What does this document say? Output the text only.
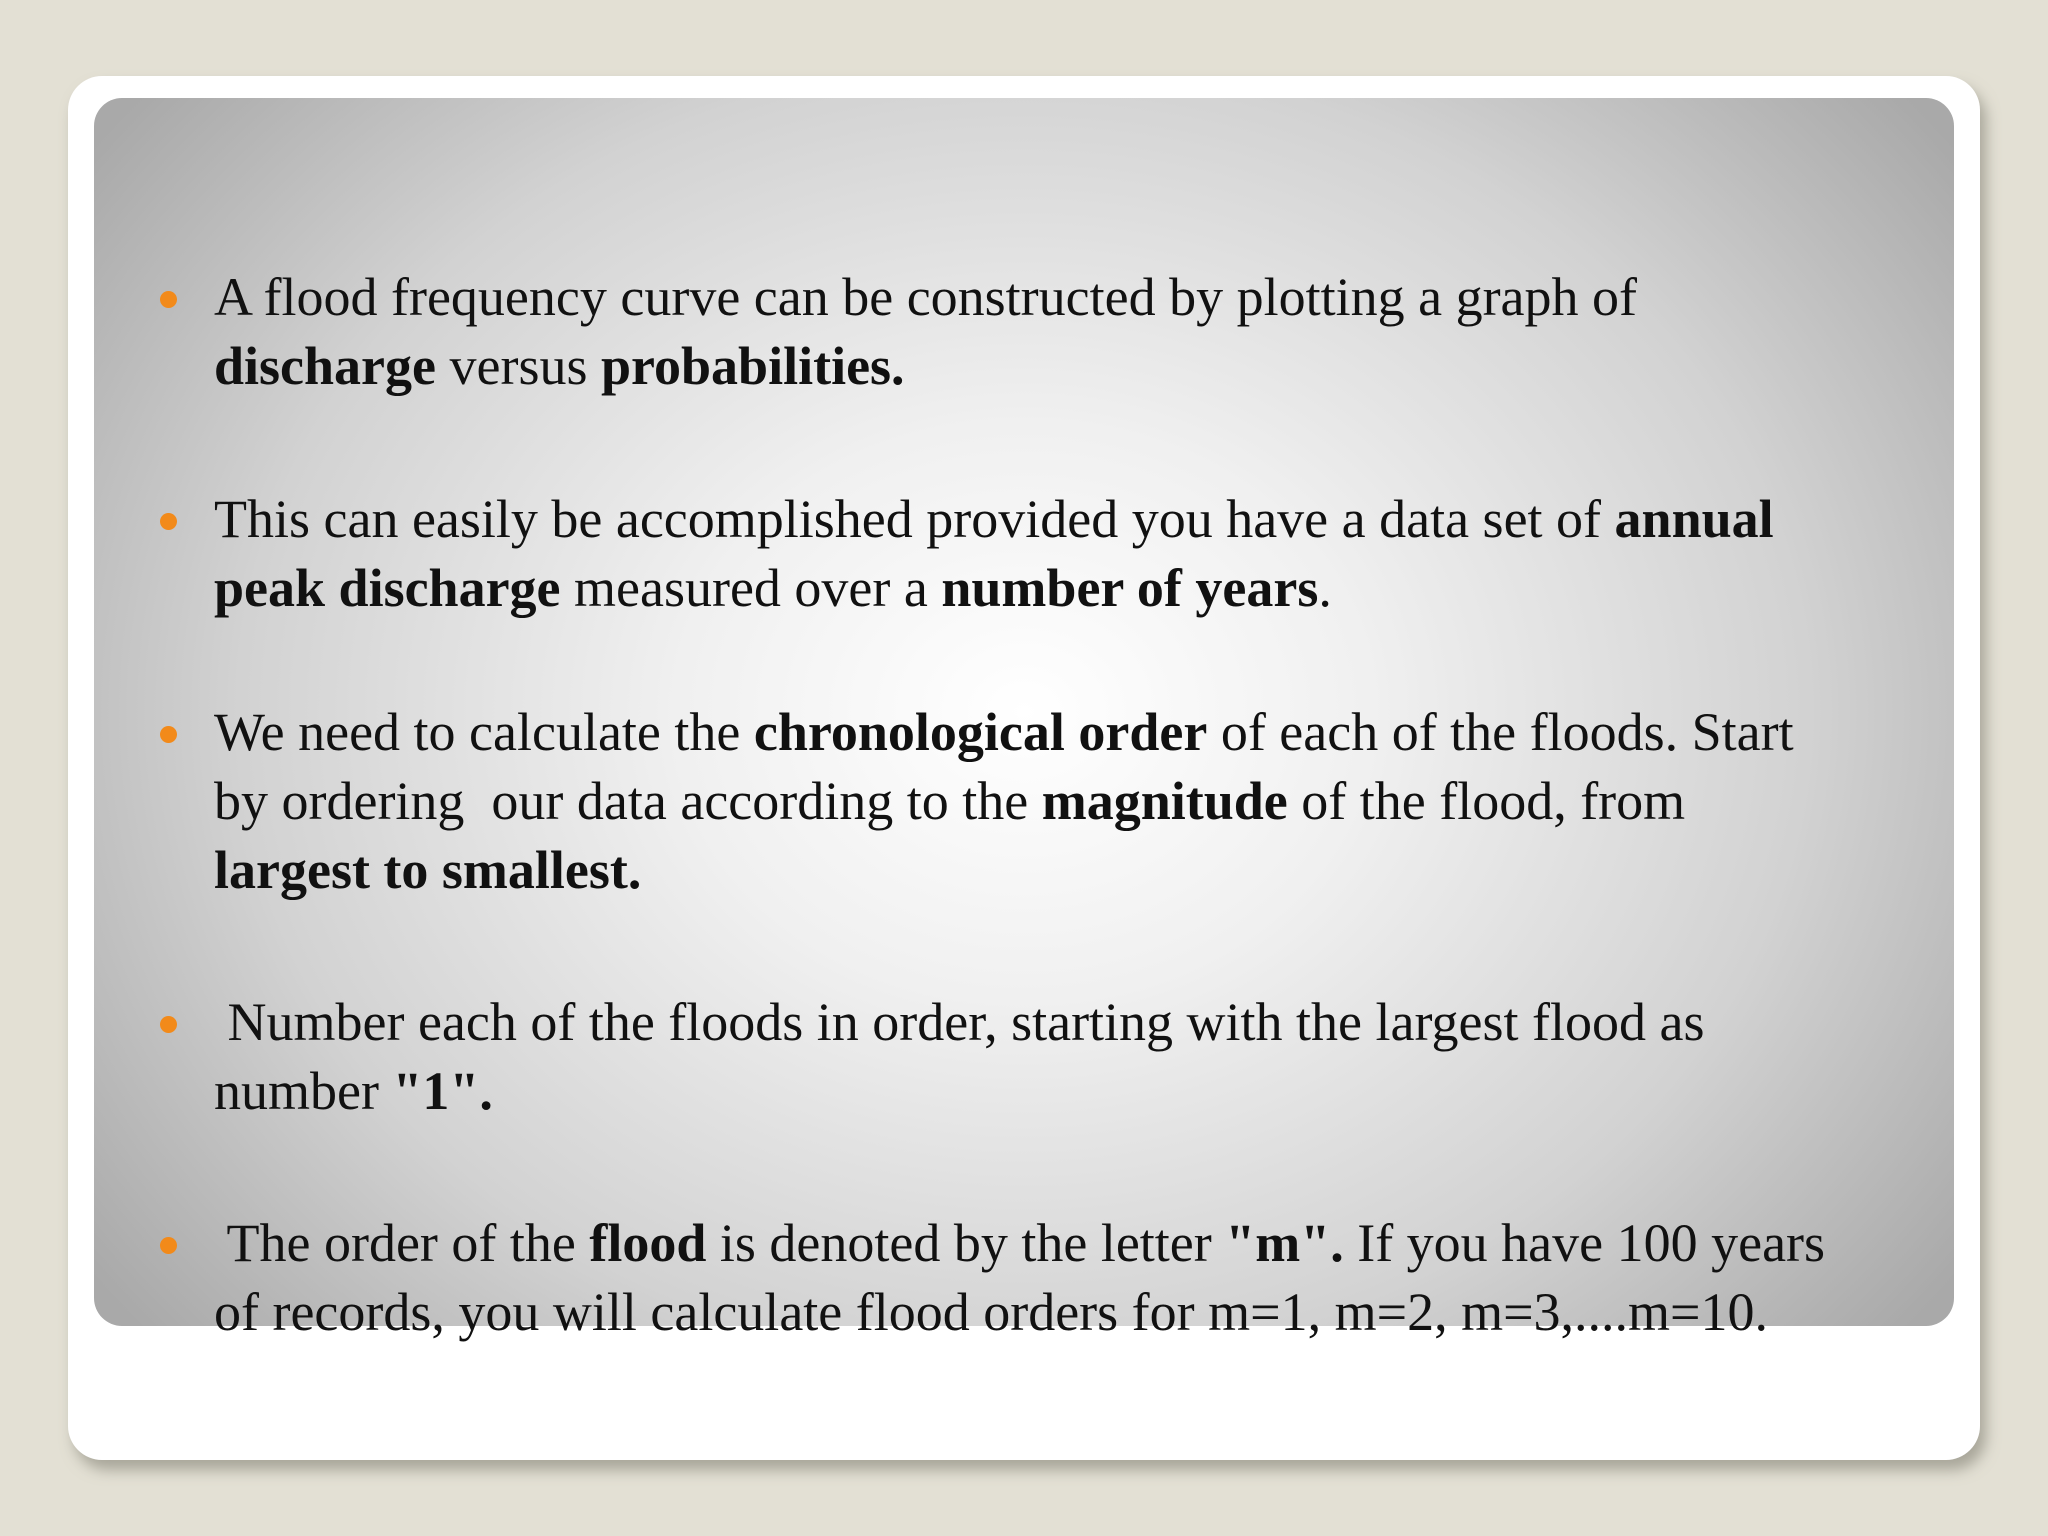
A flood frequency curve can be constructed by plotting a graph of
discharge versus probabilities.
This can easily be accomplished provided you have a data set of annual
peak discharge measured over a number of years.
We need to calculate the chronological order of each of the floods. Start
by ordering  our data according to the magnitude of the flood, from
largest to smallest.
Number each of the floods in order, starting with the largest flood as
number "1".
The order of the flood is denoted by the letter "m". If you have 100 years
of records, you will calculate flood orders for m=1, m=2, m=3,....m=10.
